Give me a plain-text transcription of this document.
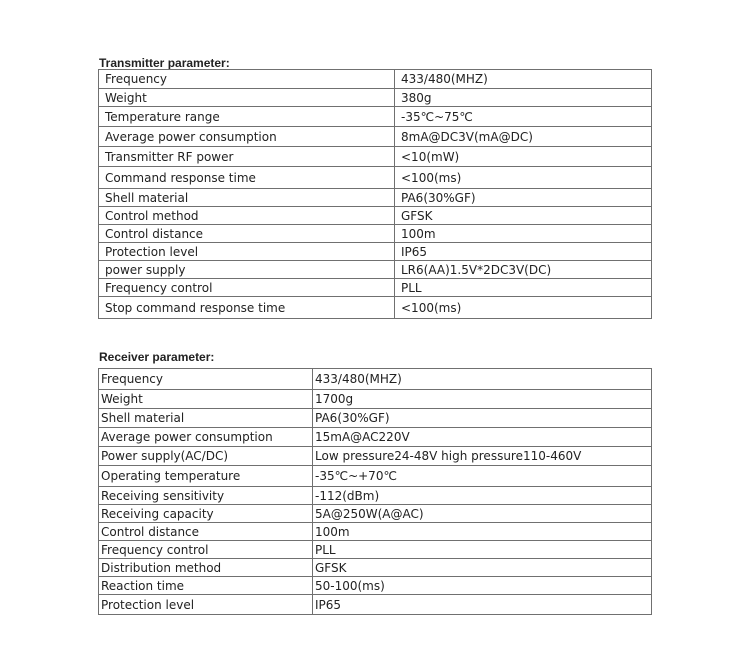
Transmitter parameter:
Frequency	433/480(MHZ)
Weight	380g
Temperature range	-35℃~75℃
Average power consumption	8mA@DC3V(mA@DC)
Transmitter RF power	<10(mW)
Command response time	<100(ms)
Shell material	PA6(30%GF)
Control method	GFSK
Control distance	100m
Protection level	IP65
power supply	LR6(AA)1.5V*2DC3V(DC)
Frequency control	PLL
Stop command response time	<100(ms)
Receiver parameter:
Frequency	433/480(MHZ)
Weight	1700g
Shell material	PA6(30%GF)
Average power consumption	15mA@AC220V
Power supply(AC/DC)	Low pressure24-48V high pressure110-460V
Operating temperature	-35℃~+70℃
Receiving sensitivity	-112(dBm)
Receiving capacity	5A@250W(A@AC)
Control distance	100m
Frequency control	PLL
Distribution method	GFSK
Reaction time	50-100(ms)
Protection level	IP65
